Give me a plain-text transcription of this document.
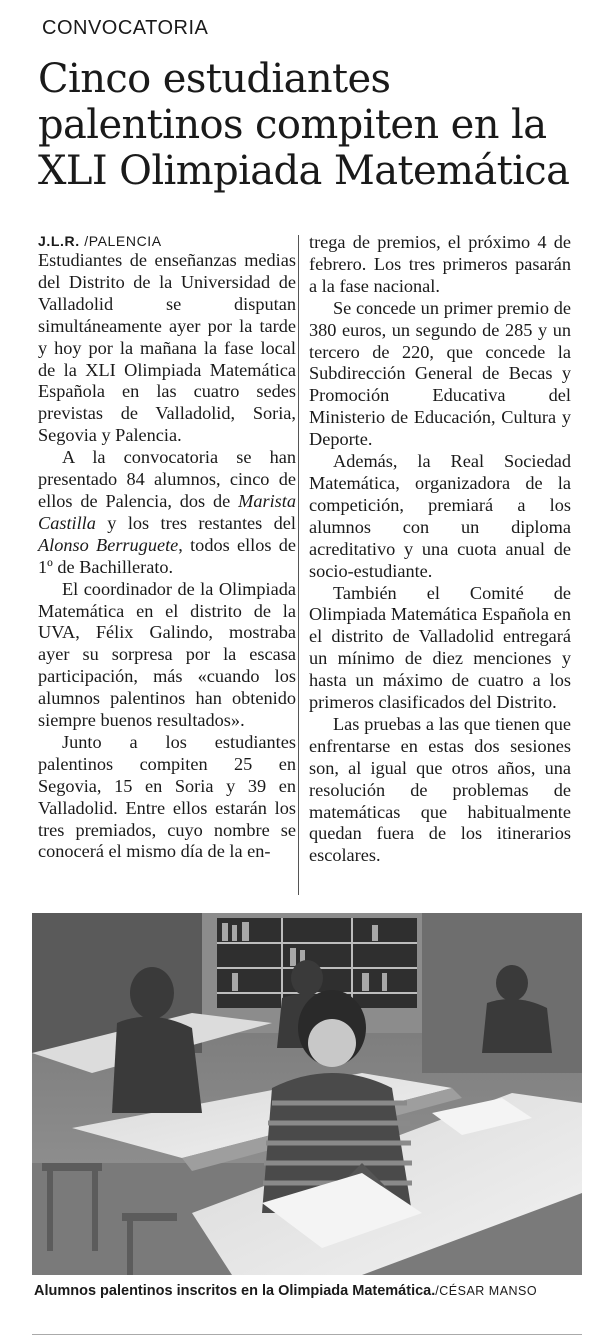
CONVOCATORIA
Cinco estudiantes
palentinos compiten en la
XLI Olimpiada Matemática

J.L.R. /PALENCIA

Estudiantes de enseñanzas medias del Distrito de la Universidad de Valladolid se disputan simultáneamente ayer por la tarde y hoy por la mañana la fase local de la XLI Olimpiada Matemática Española en las cuatro sedes previstas de Valladolid, Soria, Segovia y Palencia.

A la convocatoria se han presentado 84 alumnos, cinco de ellos de Palencia, dos de Marista Castilla y los tres restantes del Alonso Berruguete, todos ellos de 1º de Bachillerato.

El coordinador de la Olimpiada Matemática en el distrito de la UVA, Félix Galindo, mostraba ayer su sorpresa por la escasa participación, más «cuando los alumnos palentinos han obtenido siempre buenos resultados».

Junto a los estudiantes palentinos compiten 25 en Segovia, 15 en Soria y 39 en Valladolid. Entre ellos estarán los tres premiados, cuyo nombre se conocerá el mismo día de la en-

trega de premios, el próximo 4 de febrero. Los tres primeros pasarán a la fase nacional.

Se concede un primer premio de 380 euros, un segundo de 285 y un tercero de 220, que concede la Subdirección General de Becas y Promoción Educativa del Ministerio de Educación, Cultura y Deporte.

Además, la Real Sociedad Matemática, organizadora de la competición, premiará a los alumnos con un diploma acreditativo y una cuota anual de socio-estudiante.

También el Comité de Olimpiada Matemática Española en el distrito de Valladolid entregará un mínimo de diez menciones y hasta un máximo de cuatro a los primeros clasificados del Distrito.

Las pruebas a las que tienen que enfrentarse en estas dos sesiones son, al igual que otros años, una resolución de problemas de matemáticas que habitualmente quedan fuera de los itinerarios escolares.

Alumnos palentinos inscritos en la Olimpiada Matemática./CÉSAR MANSO
